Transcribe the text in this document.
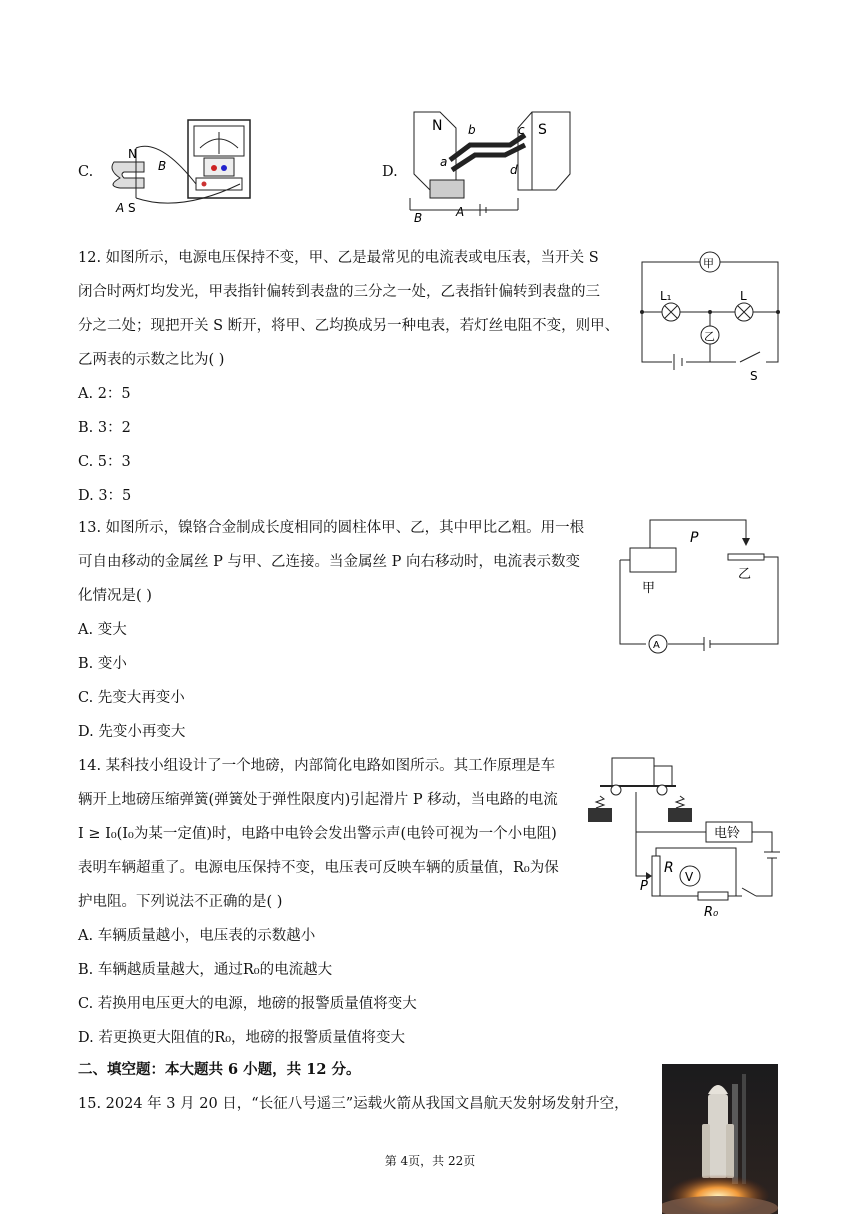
C.
N
B
A S
D.
N	S
a
b	c
d
A
B
12. 如图所示，电源电压保持不变，甲、乙是最常见的电流表或电压表，当开关 S
闭合时两灯均发光，甲表指针偏转到表盘的三分之一处，乙表指针偏转到表盘的三
分之二处；现把开关 S 断开，将甲、乙均换成另一种电表，若灯丝电阻不变，则甲、
乙两表的示数之比为( )
A. 2：5
B. 3：2
C. 5：3
D. 3：5
甲
乙
L₁	L
S
13. 如图所示，镍铬合金制成长度相同的圆柱体甲、乙，其中甲比乙粗。用一根
可自由移动的金属丝 P 与甲、乙连接。当金属丝 P 向右移动时，电流表示数变
化情况是( )
A. 变大
B. 变小
C. 先变大再变小
D. 先变小再变大
A
P
甲
乙
14. 某科技小组设计了一个地磅，内部简化电路如图所示。其工作原理是车
辆开上地磅压缩弹簧(弹簧处于弹性限度内)引起滑片 P 移动，当电路的电流
I ≥ I₀(I₀为某一定值)时，电路中电铃会发出警示声(电铃可视为一个小电阻)
表明车辆超重了。电源电压保持不变，电压表可反映车辆的质量值，R₀为保
护电阻。下列说法不正确的是( )
A. 车辆质量越小，电压表的示数越小
B. 车辆越质量越大，通过R₀的电流越大
C. 若换用电压更大的电源，地磅的报警质量值将变大
D. 若更换更大阻值的R₀，地磅的报警质量值将变大
电铃
V
R
P
R₀
二、填空题：本大题共 6 小题，共 12 分。
15. 2024 年 3 月 20 日，“长征八号遥三”运载火箭从我国文昌航天发射场发射升空，
第 4页，共 22页
